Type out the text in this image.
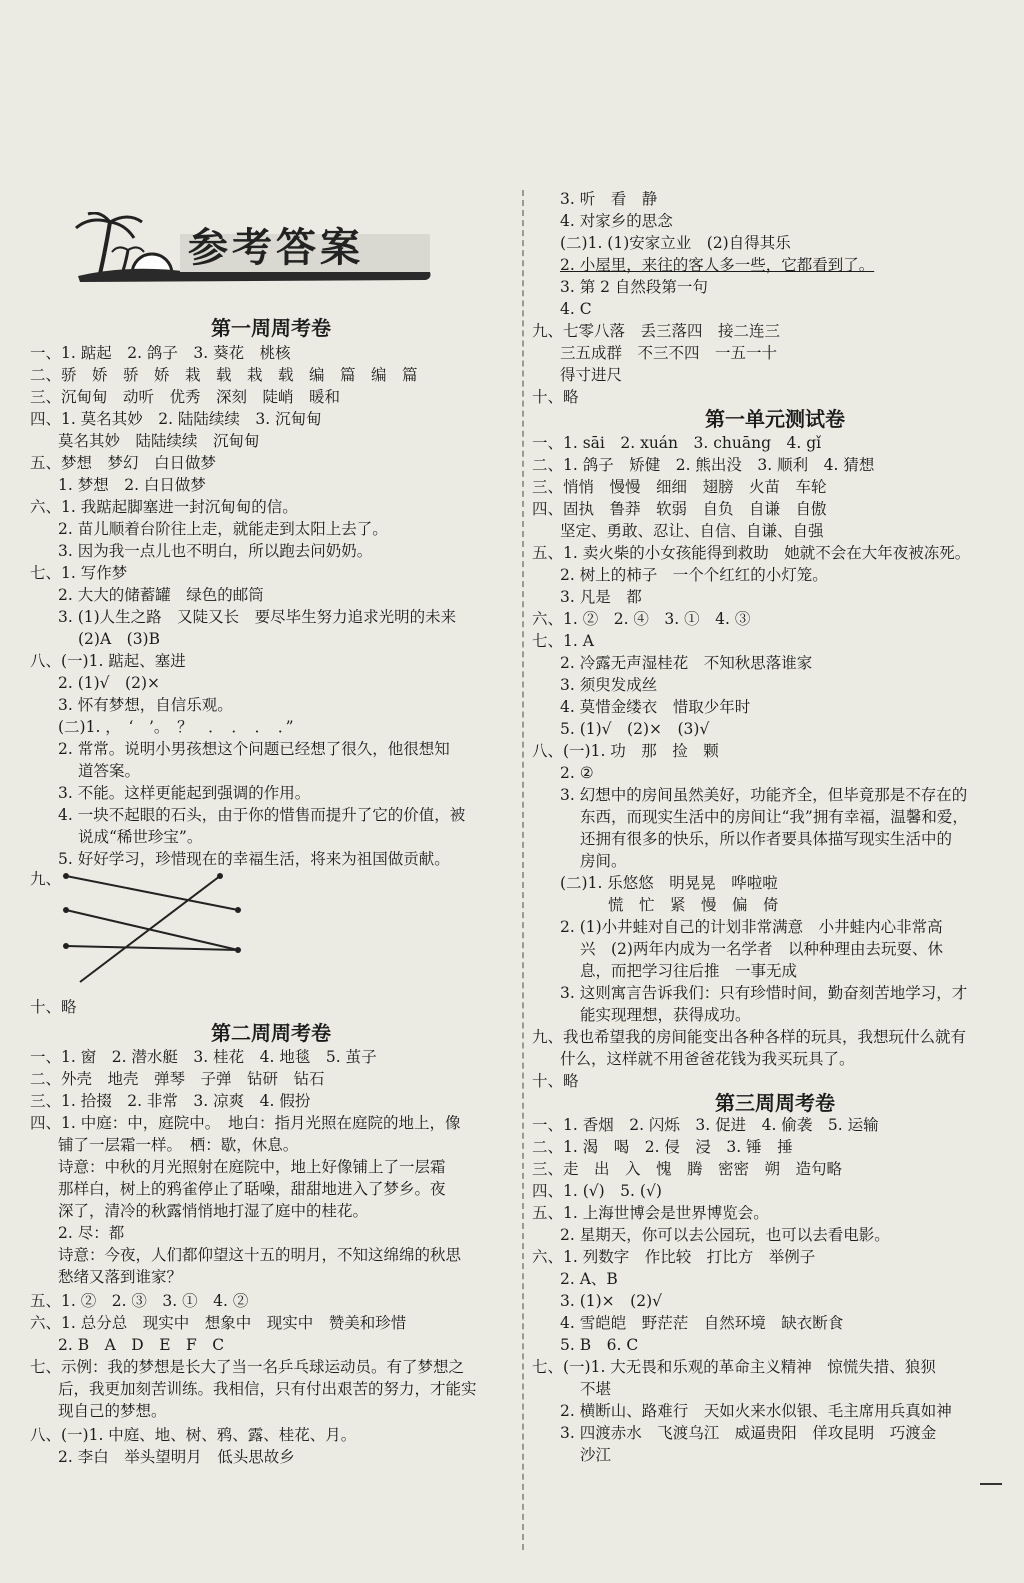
参考答案
第一周周考卷
一、1. 踮起　2. 鸽子　3. 葵花　桃核
二、骄　娇　骄　娇　栽　载　栽　载　编　篇　编　篇
三、沉甸甸　动听　优秀　深刻　陡峭　暖和
四、1. 莫名其妙　2. 陆陆续续　3. 沉甸甸
莫名其妙　陆陆续续　沉甸甸
五、梦想　梦幻　白日做梦
1. 梦想　2. 白日做梦
六、1. 我踮起脚塞进一封沉甸甸的信。
2. 苗儿顺着台阶往上走，就能走到太阳上去了。
3. 因为我一点儿也不明白，所以跑去问奶奶。
七、1. 写作梦
2. 大大的储蓄罐　绿色的邮筒
3. (1)人生之路　又陡又长　要尽毕生努力追求光明的未来
(2)A　(3)B
八、(一)1. 踮起、塞进
2. (1)√　(2)×
3. 怀有梦想，自信乐观。
(二)1. ，　‘　’。　？　．　．　．　．”
2. 常常。说明小男孩想这个问题已经想了很久，他很想知
道答案。
3. 不能。这样更能起到强调的作用。
4. 一块不起眼的石头，由于你的惜售而提升了它的价值，被
说成“稀世珍宝”。
5. 好好学习，珍惜现在的幸福生活，将来为祖国做贡献。
九、
十、略
第二周周考卷
一、1. 窗　2. 潜水艇　3. 桂花　4. 地毯　5. 茧子
二、外壳　地壳　弹琴　子弹　钻研　钻石
三、1. 拾掇　2. 非常　3. 凉爽　4. 假扮
四、1. 中庭：中，庭院中。　地白：指月光照在庭院的地上，像
铺了一层霜一样。　栖：歇，休息。
诗意：中秋的月光照射在庭院中，地上好像铺上了一层霜
那样白，树上的鸦雀停止了聒噪，甜甜地进入了梦乡。夜
深了，清冷的秋露悄悄地打湿了庭中的桂花。
2. 尽：都
诗意：今夜，人们都仰望这十五的明月，不知这绵绵的秋思
愁绪又落到谁家？
五、1. ②　2. ③　3. ①　4. ②
六、1. 总分总　现实中　想象中　现实中　赞美和珍惜
2. B　A　D　E　F　C
七、示例：我的梦想是长大了当一名乒乓球运动员。有了梦想之
后，我更加刻苦训练。我相信，只有付出艰苦的努力，才能实
现自己的梦想。
八、(一)1. 中庭、地、树、鸦、露、桂花、月。
2. 李白　举头望明月　低头思故乡
3. 听　看　静
4. 对家乡的思念
(二)1. (1)安家立业　(2)自得其乐
2. 小屋里，来往的客人多一些，它都看到了。
3. 第 2 自然段第一句
4. C
九、七零八落　丢三落四　接二连三
三五成群　不三不四　一五一十
得寸进尺
十、略
第一单元测试卷
一、1. sāi　2. xuán　3. chuāng　4. gǐ
二、1. 鸽子　矫健　2. 熊出没　3. 顺利　4. 猜想
三、悄悄　慢慢　细细　翅膀　火苗　车轮
四、固执　鲁莽　软弱　自负　自谦　自傲
坚定、勇敢、忍让、自信、自谦、自强
五、1. 卖火柴的小女孩能得到救助　她就不会在大年夜被冻死。
2. 树上的柿子　一个个红红的小灯笼。
3. 凡是　都
六、1. ②　2. ④　3. ①　4. ③
七、1. A
2. 冷露无声湿桂花　不知秋思落谁家
3. 须臾发成丝
4. 莫惜金缕衣　惜取少年时
5. (1)√　(2)×　(3)√
八、(一)1. 功　那　捡　颗
2. ②
3. 幻想中的房间虽然美好，功能齐全，但毕竟那是不存在的
东西，而现实生活中的房间让“我”拥有幸福，温馨和爱，
还拥有很多的快乐，所以作者要具体描写现实生活中的
房间。
(二)1. 乐悠悠　明晃晃　哗啦啦
慌　忙　紧　慢　偏　倚
2. (1)小井蛙对自己的计划非常满意　小井蛙内心非常高
兴　(2)两年内成为一名学者　以种种理由去玩耍、休
息，而把学习往后推　一事无成
3. 这则寓言告诉我们：只有珍惜时间，勤奋刻苦地学习，才
能实现理想，获得成功。
九、我也希望我的房间能变出各种各样的玩具，我想玩什么就有
什么，这样就不用爸爸花钱为我买玩具了。
十、略
第三周周考卷
一、1. 香烟　2. 闪烁　3. 促进　4. 偷袭　5. 运输
二、1. 渴　喝　2. 侵　浸　3. 锤　捶
三、走　出　入　愧　腾　密密　朔　造句略
四、1. (√)　5. (√)
五、1. 上海世博会是世界博览会。
2. 星期天，你可以去公园玩，也可以去看电影。
六、1. 列数字　作比较　打比方　举例子
2. A、B
3. (1)×　(2)√
4. 雪皑皑　野茫茫　自然环境　缺衣断食
5. B　6. C
七、(一)1. 大无畏和乐观的革命主义精神　惊慌失措、狼狈
不堪
2. 横断山、路难行　天如火来水似银、毛主席用兵真如神
3. 四渡赤水　飞渡乌江　威逼贵阳　佯攻昆明　巧渡金
沙江
